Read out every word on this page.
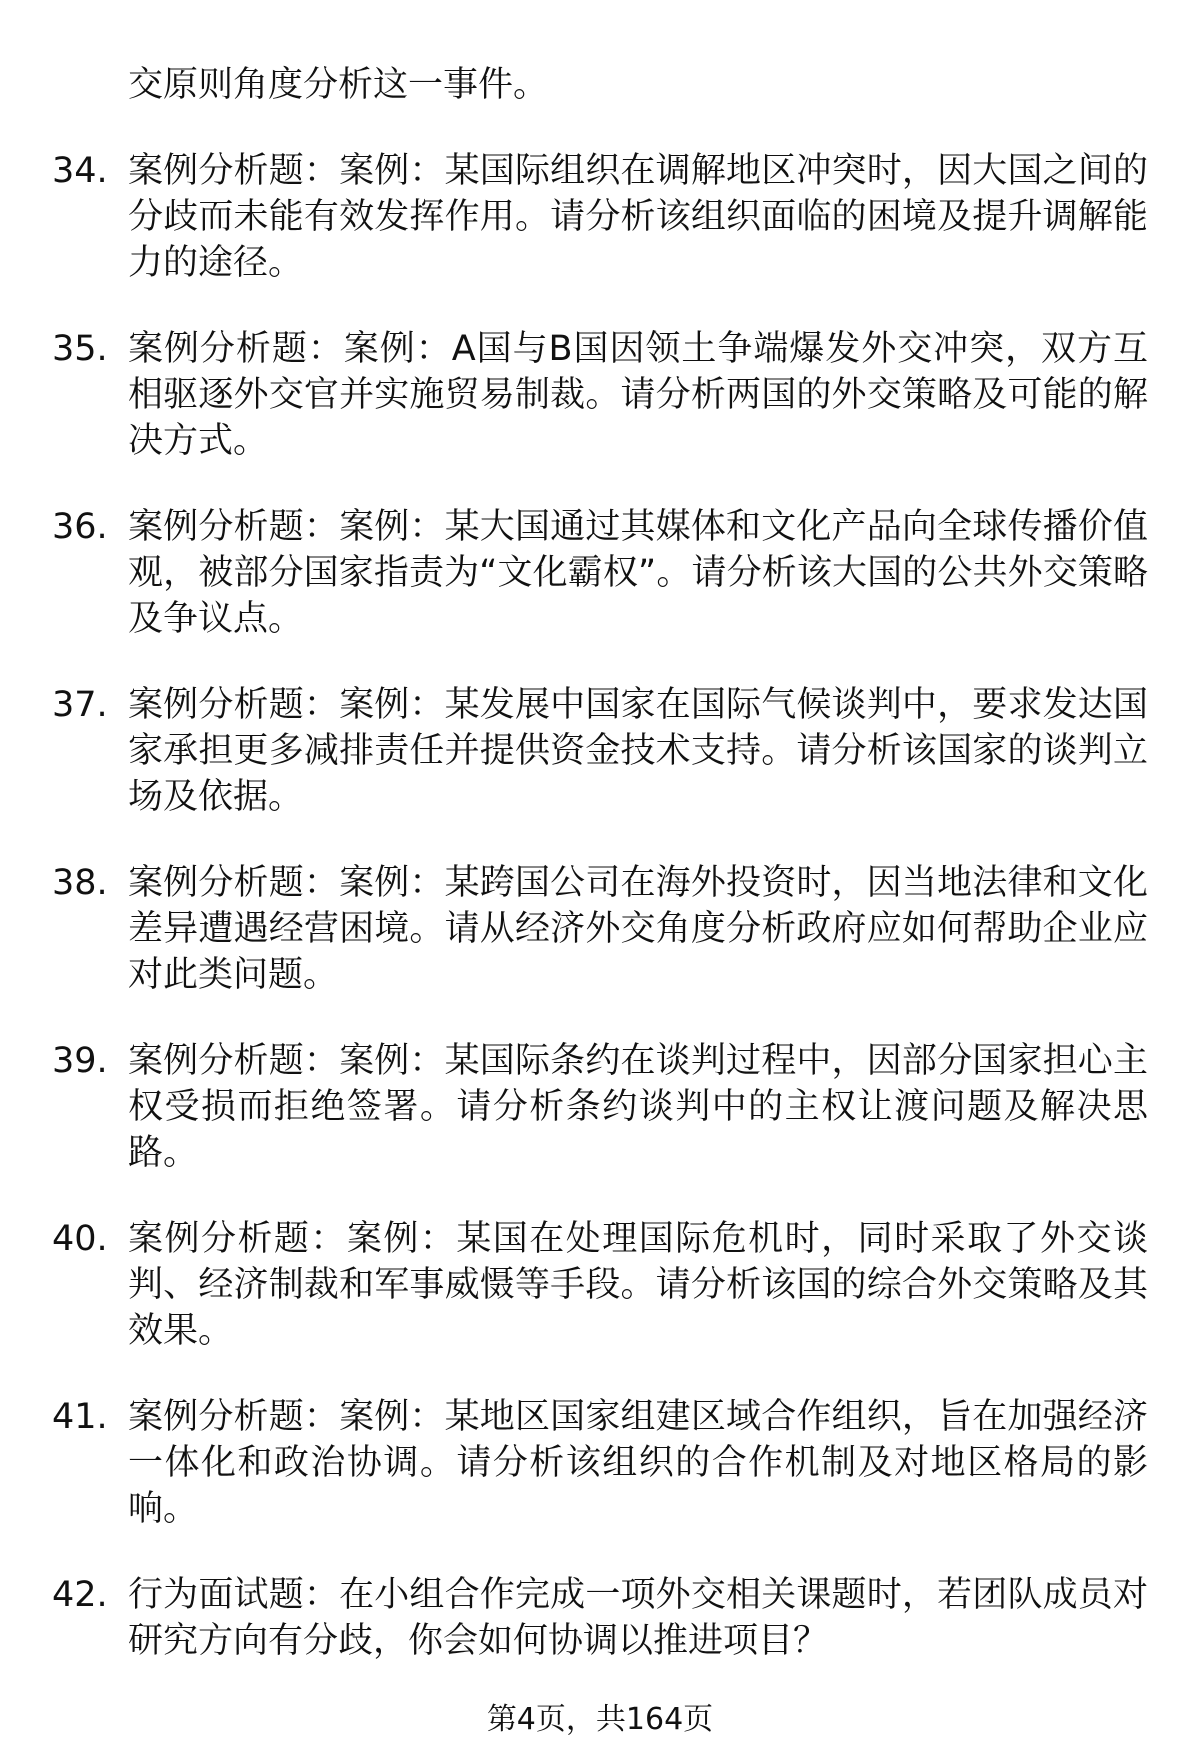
交原则角度分析这一事件。

34. 案例分析题：案例：某国际组织在调解地区冲突时，因大国之间的分歧而未能有效发挥作用。请分析该组织面临的困境及提升调解能力的途径。

35. 案例分析题：案例：A国与B国因领土争端爆发外交冲突，双方互相驱逐外交官并实施贸易制裁。请分析两国的外交策略及可能的解决方式。

36. 案例分析题：案例：某大国通过其媒体和文化产品向全球传播价值观，被部分国家指责为“文化霸权”。请分析该大国的公共外交策略及争议点。

37. 案例分析题：案例：某发展中国家在国际气候谈判中，要求发达国家承担更多减排责任并提供资金技术支持。请分析该国家的谈判立场及依据。

38. 案例分析题：案例：某跨国公司在海外投资时，因当地法律和文化差异遭遇经营困境。请从经济外交角度分析政府应如何帮助企业应对此类问题。

39. 案例分析题：案例：某国际条约在谈判过程中，因部分国家担心主权受损而拒绝签署。请分析条约谈判中的主权让渡问题及解决思路。

40. 案例分析题：案例：某国在处理国际危机时，同时采取了外交谈判、经济制裁和军事威慑等手段。请分析该国的综合外交策略及其效果。

41. 案例分析题：案例：某地区国家组建区域合作组织，旨在加强经济一体化和政治协调。请分析该组织的合作机制及对地区格局的影响。

42. 行为面试题：在小组合作完成一项外交相关课题时，若团队成员对研究方向有分歧，你会如何协调以推进项目？

第4页，共164页
